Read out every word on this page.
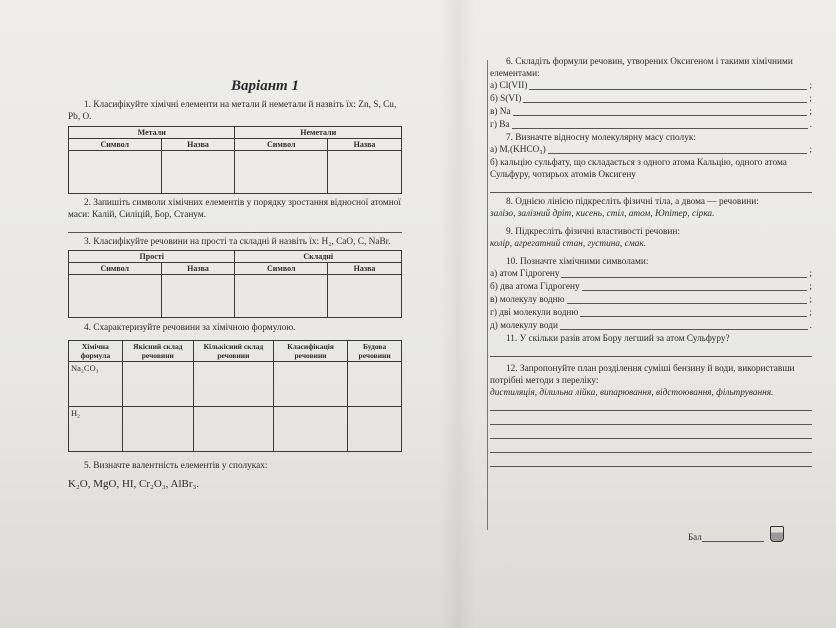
Варіант 1

1. Класифікуйте хімічні елементи на метали й неметали й назвіть їх: Zn, S, Cu, Pb, O.

Метали		Неметали	
Символ	Назва	Символ	Назва

2. Запишіть символи хімічних елементів у порядку зростання відносної атомної маси: Калій, Силіцій, Бор, Станум.

3. Класифікуйте речовини на прості та складні й назвіть їх: H₂, CaO, C, NaBr.

Прості		Складні	
Символ	Назва	Символ	Назва

4. Схарактеризуйте речовини за хімічною формулою.

Хімічна формула	Якісний склад речовини	Кількісний склад речовини	Класифікація речовини	Будова речовини
Na₂CO₃				
H₂				

5. Визначте валентність елементів у сполуках:

K₂O, MgO, HI, Cr₂O₃, AlBr₃.

6. Складіть формули речовин, утворених Оксигеном і такими хімічними елементами:

а) Cl(VII)	;
б) S(VI)	;
в) Na	;
г) Ba	.

7. Визначте відносну молекулярну масу сполук:

а) Mᵣ(KHCO₃)	;

б) кальцію сульфату, що складається з одного атома Кальцію, одного атома Сульфуру, чотирьох атомів Оксигену

8. Однією лінією підкресліть фізичні тіла, а двома — речовини:

залізо, залізний дріт, кисень, стіл, атом, Юпітер, сірка.

9. Підкресліть фізичні властивості речовин:

колір, агрегатний стан, густина, смак.

10. Позначте хімічними символами:

а) атом Гідрогену	;
б) два атома Гідрогену	;
в) молекулу водню	;
г) дві молекули водню	;
д) молекулу води	.

11. У скільки разів атом Бору легший за атом Сульфуру?

12. Запропонуйте план розділення суміші бензину й води, використавши потрібні методи з переліку:

дистиляція, ділильна лійка, випарювання, відстоювання, фільтрування.

Бал
